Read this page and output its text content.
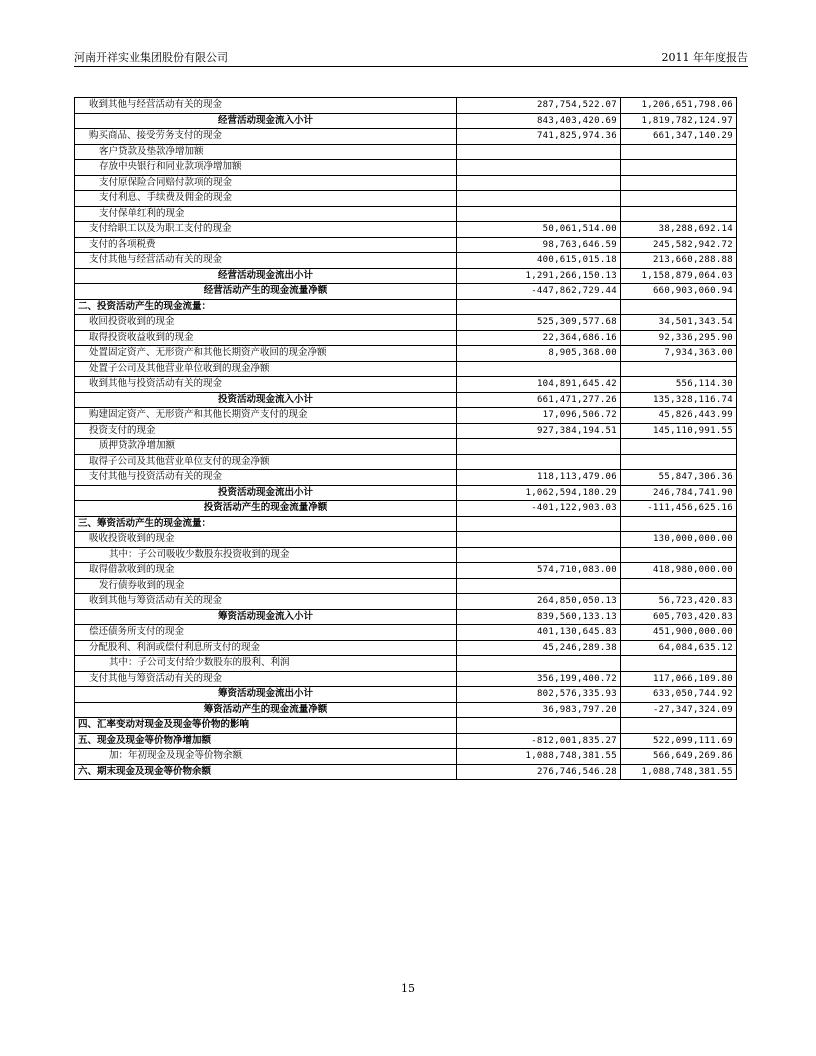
河南开祥实业集团股份有限公司	2011 年年度报告
收到其他与经营活动有关的现金	287,754,522.07	1,206,651,798.06
经营活动现金流入小计	843,403,420.69	1,819,782,124.97
购买商品、接受劳务支付的现金	741,825,974.36	661,347,140.29
客户贷款及垫款净增加额		
存放中央银行和同业款项净增加额		
支付原保险合同赔付款项的现金		
支付利息、手续费及佣金的现金		
支付保单红利的现金		
支付给职工以及为职工支付的现金	50,061,514.00	38,288,692.14
支付的各项税费	98,763,646.59	245,582,942.72
支付其他与经营活动有关的现金	400,615,015.18	213,660,288.88
经营活动现金流出小计	1,291,266,150.13	1,158,879,064.03
经营活动产生的现金流量净额	-447,862,729.44	660,903,060.94
二、投资活动产生的现金流量：		
收回投资收到的现金	525,309,577.68	34,501,343.54
取得投资收益收到的现金	22,364,686.16	92,336,295.90
处置固定资产、无形资产和其他长期资产收回的现金净额	8,905,368.00	7,934,363.00
处置子公司及其他营业单位收到的现金净额		
收到其他与投资活动有关的现金	104,891,645.42	556,114.30
投资活动现金流入小计	661,471,277.26	135,328,116.74
购建固定资产、无形资产和其他长期资产支付的现金	17,096,506.72	45,826,443.99
投资支付的现金	927,384,194.51	145,110,991.55
质押贷款净增加额		
取得子公司及其他营业单位支付的现金净额		
支付其他与投资活动有关的现金	118,113,479.06	55,847,306.36
投资活动现金流出小计	1,062,594,180.29	246,784,741.90
投资活动产生的现金流量净额	-401,122,903.03	-111,456,625.16
三、筹资活动产生的现金流量：		
吸收投资收到的现金		130,000,000.00
其中：子公司吸收少数股东投资收到的现金		
取得借款收到的现金	574,710,083.00	418,980,000.00
发行债券收到的现金		
收到其他与筹资活动有关的现金	264,850,050.13	56,723,420.83
筹资活动现金流入小计	839,560,133.13	605,703,420.83
偿还债务所支付的现金	401,130,645.83	451,900,000.00
分配股利、利润或偿付利息所支付的现金	45,246,289.38	64,084,635.12
其中：子公司支付给少数股东的股利、利润		
支付其他与筹资活动有关的现金	356,199,400.72	117,066,109.80
筹资活动现金流出小计	802,576,335.93	633,050,744.92
筹资活动产生的现金流量净额	36,983,797.20	-27,347,324.09
四、汇率变动对现金及现金等价物的影响		
五、现金及现金等价物净增加额	-812,001,835.27	522,099,111.69
加：年初现金及现金等价物余额	1,088,748,381.55	566,649,269.86
六、期末现金及现金等价物余额	276,746,546.28	1,088,748,381.55
15
